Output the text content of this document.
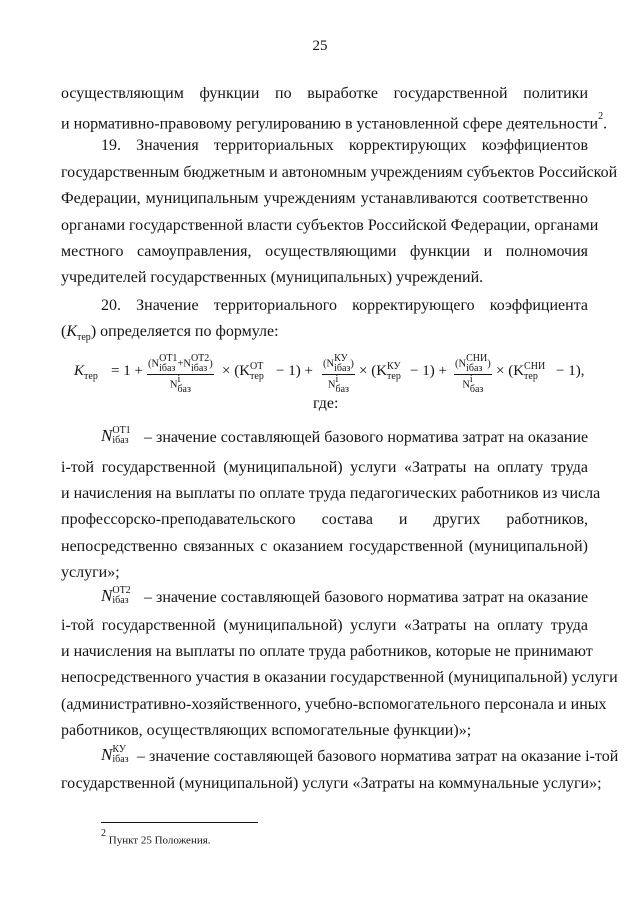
25
осуществляющим функции по выработке государственной политики
и нормативно-правовому регулированию в установленной сфере деятельности$^2$.
19. Значения территориальных корректирующих коэффициентов
государственным бюджетным и автономным учреждениям субъектов Российской
Федерации, муниципальным учреждениям устанавливаются соответственно
органами государственной власти субъектов Российской Федерации, органами
местного самоуправления, осуществляющими функции и полномочия
учредителей государственных (муниципальных) учреждений.
20. Значение территориального корректирующего коэффициента
$(K_{тер})$ определяется по формуле:
$K_{тер} = 1 + (N$ ОТ1
iбаз +N ОТ2
iбаз )
N i
баз
× (K ОТ
тер − 1) + (N КУ
iбаз )
N i
баз
× (K КУ
тер − 1) + (N СНИ
iбаз )
N i
баз
× (K СНИ
тер	− 1),
где:
N ОТ1
iбаз – значение составляющей базового норматива затрат на оказание
i-той государственной (муниципальной) услуги «Затраты на оплату труда
и начисления на выплаты по оплате труда педагогических работников из числа
профессорско-преподавательского состава и других работников,
непосредственно связанных с оказанием государственной (муниципальной)
услуги»;
N ОТ2
iбаз – значение составляющей базового норматива затрат на оказание
i-той государственной (муниципальной) услуги «Затраты на оплату труда
и начисления на выплаты по оплате труда работников, которые не принимают
непосредственного участия в оказании государственной (муниципальной) услуги
(административно-хозяйственного, учебно-вспомогательного персонала и иных
работников, осуществляющих вспомогательные функции)»;
N КУ
iбаз – значение составляющей базового норматива затрат на оказание i-той
государственной (муниципальной) услуги «Затраты на коммунальные услуги»;
$^2$ Пункт 25 Положения.
